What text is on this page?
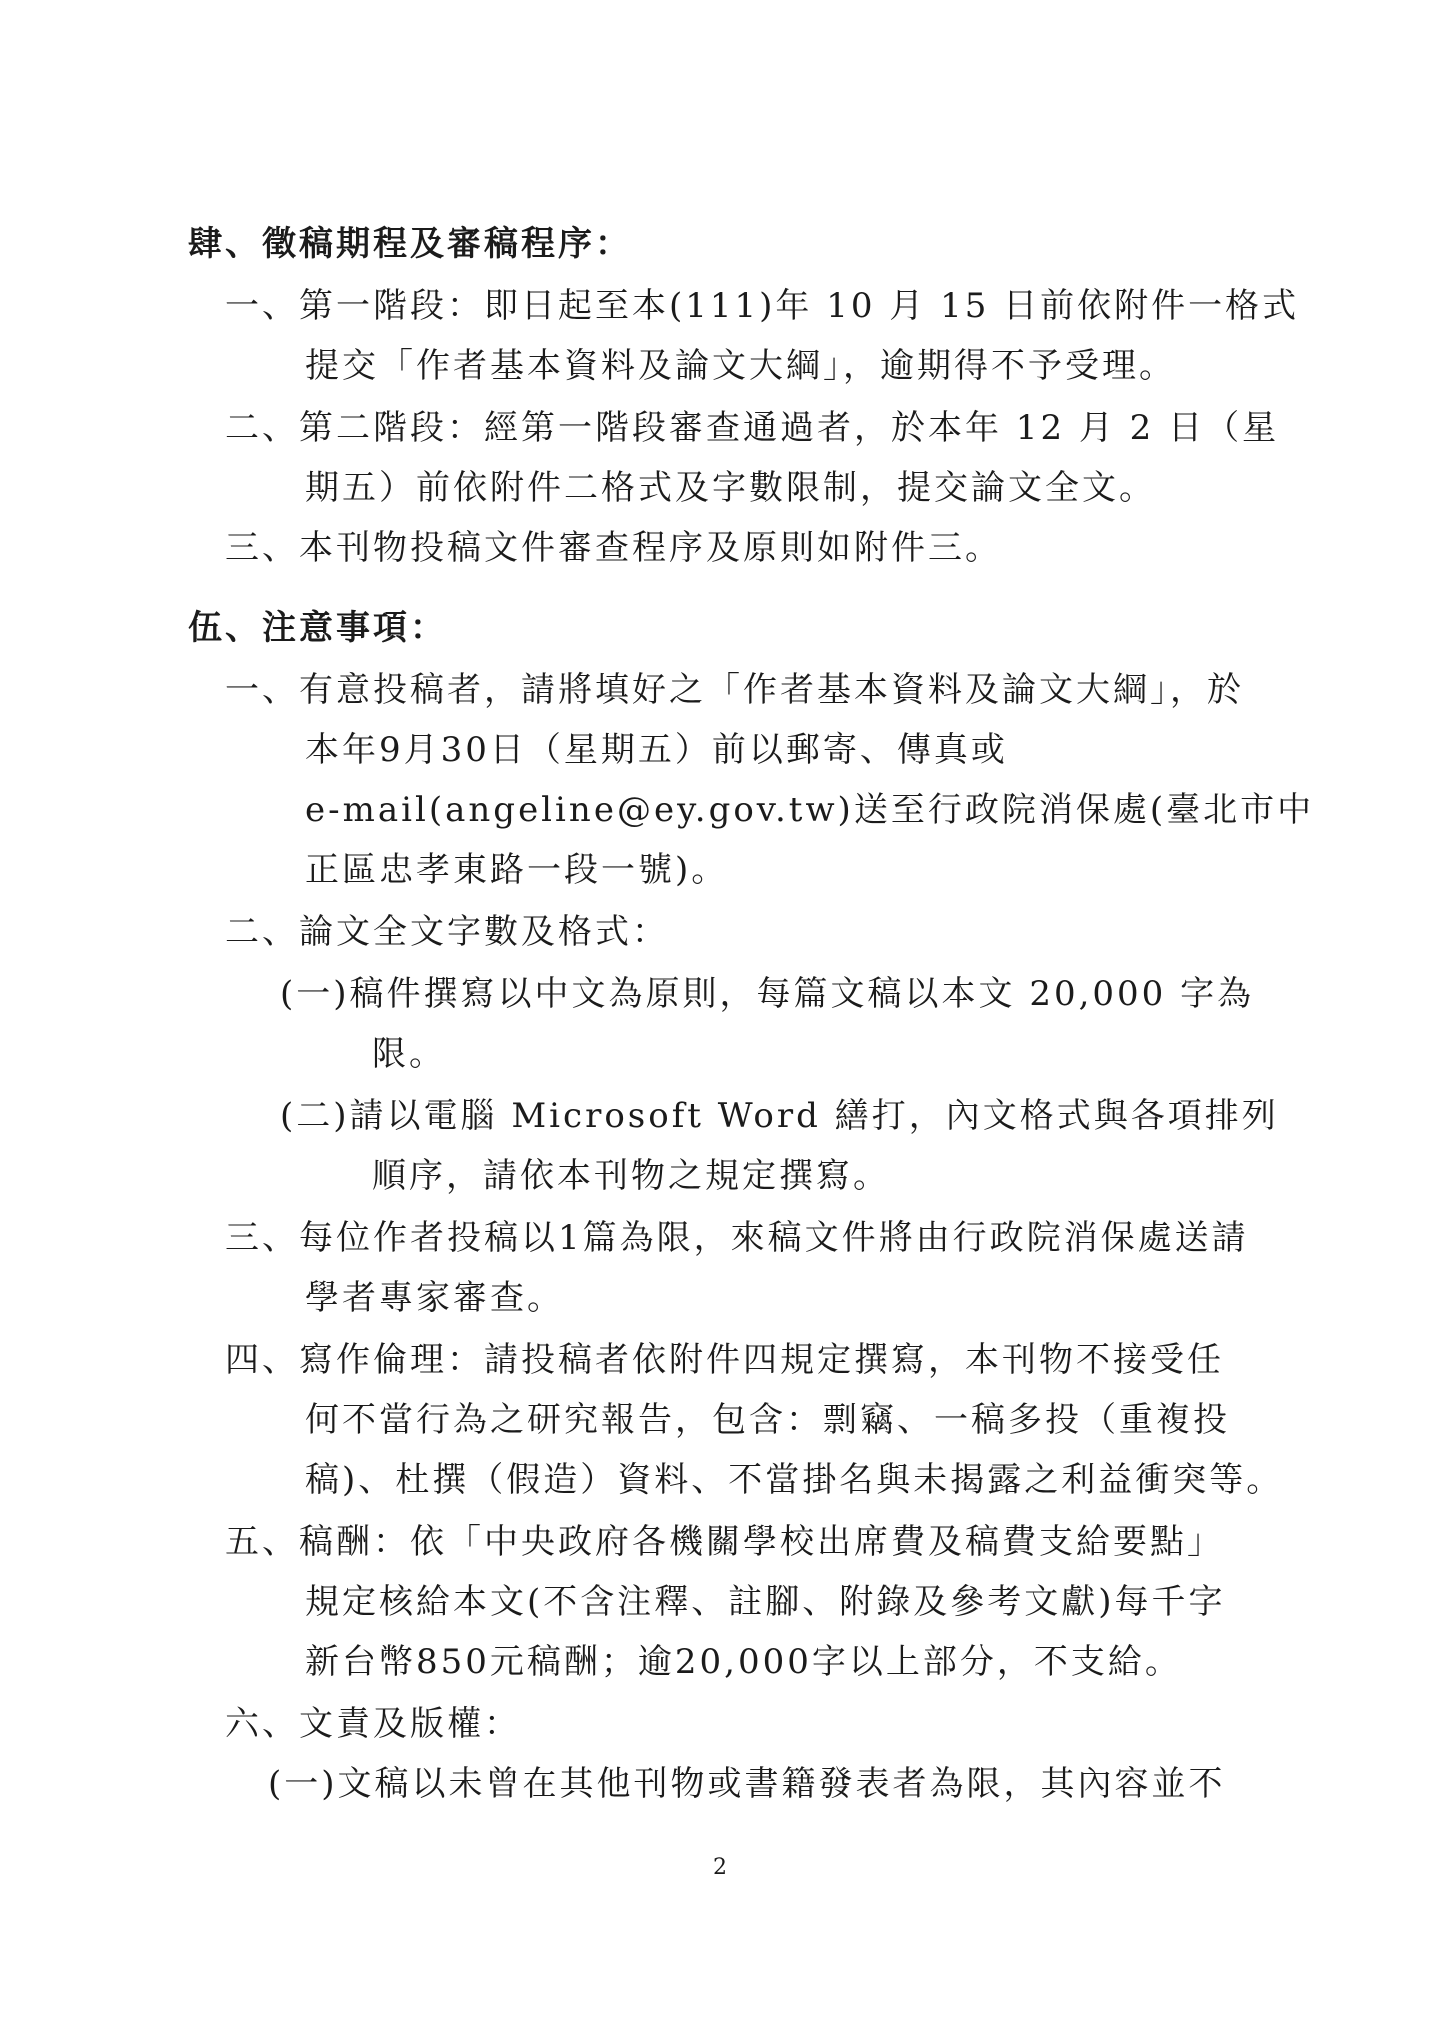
肆、徵稿期程及審稿程序：
一、第一階段：即日起至本(111)年 10 月 15 日前依附件一格式
提交「作者基本資料及論文大綱」，逾期得不予受理。
二、第二階段：經第一階段審查通過者，於本年 12 月 2 日（星
期五）前依附件二格式及字數限制，提交論文全文。
三、本刊物投稿文件審查程序及原則如附件三。
伍、注意事項：
一、有意投稿者，請將填好之「作者基本資料及論文大綱」，於
本年9月30日（星期五）前以郵寄、傳真或
e-mail(angeline@ey.gov.tw)送至行政院消保處(臺北市中
正區忠孝東路一段一號)。
二、論文全文字數及格式：
(一)稿件撰寫以中文為原則，每篇文稿以本文 20,000 字為
限。
(二)請以電腦 Microsoft Word 繕打，內文格式與各項排列
順序，請依本刊物之規定撰寫。
三、每位作者投稿以1篇為限，來稿文件將由行政院消保處送請
學者專家審查。
四、寫作倫理：請投稿者依附件四規定撰寫，本刊物不接受任
何不當行為之研究報告，包含：剽竊、一稿多投（重複投
稿)、杜撰（假造）資料、不當掛名與未揭露之利益衝突等。
五、稿酬：依「中央政府各機關學校出席費及稿費支給要點」
規定核給本文(不含注釋、註腳、附錄及參考文獻)每千字
新台幣850元稿酬；逾20,000字以上部分，不支給。
六、文責及版權：
(一)文稿以未曾在其他刊物或書籍發表者為限，其內容並不
2
